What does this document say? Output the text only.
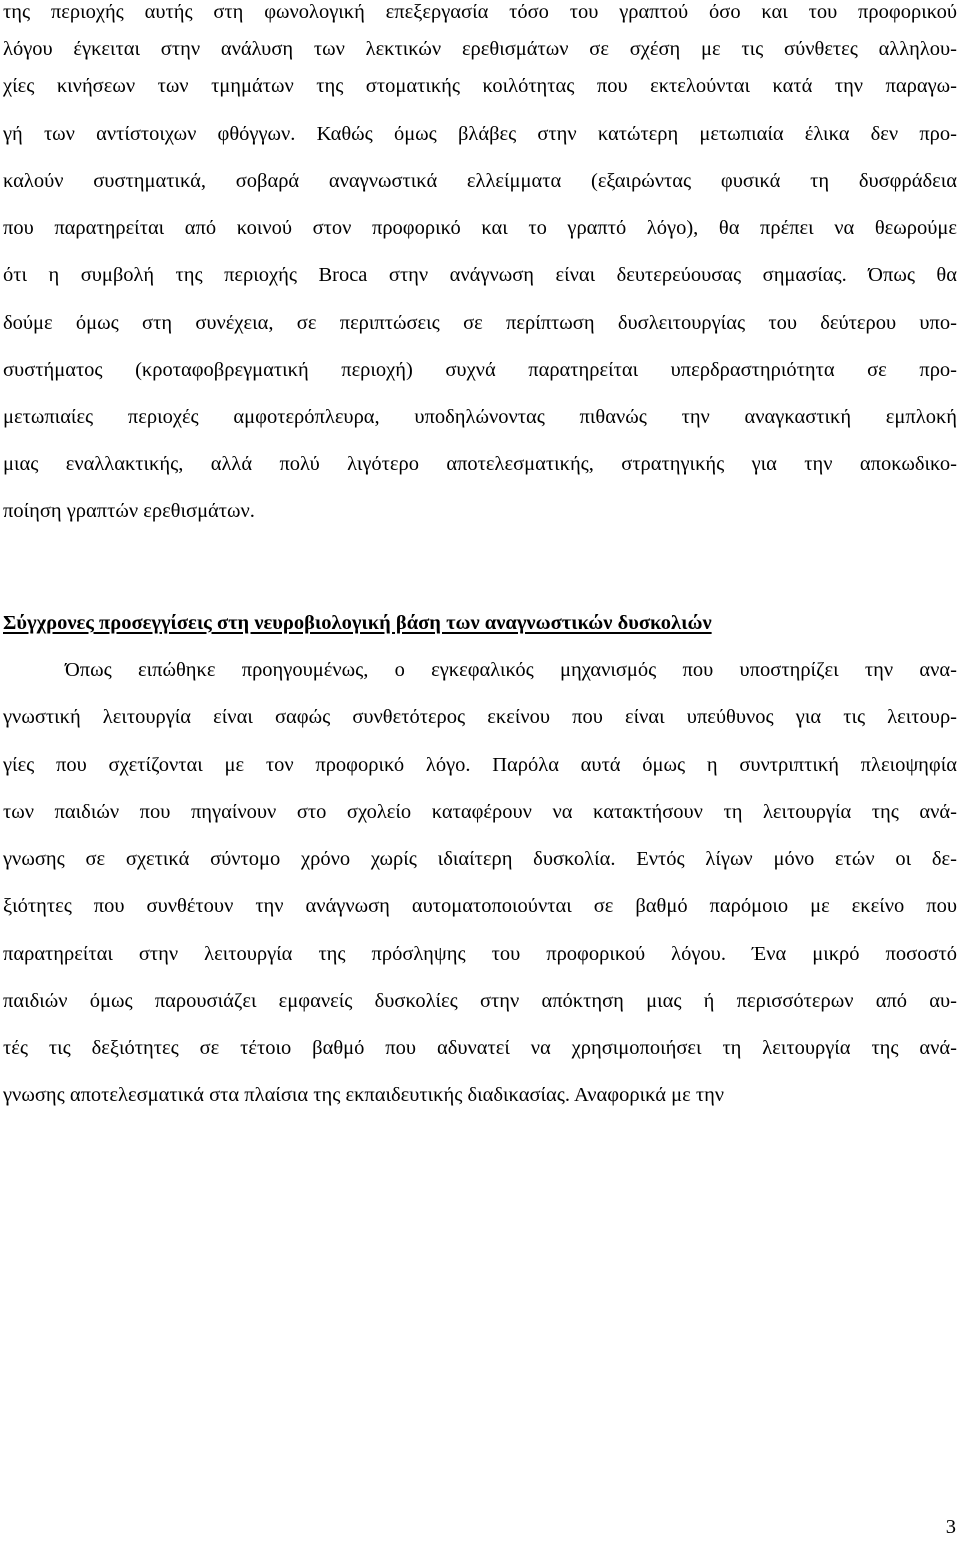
της περιοχής αυτής στη φωνολογική επεξεργασία τόσο του γραπτού όσο και του προφορικού
λόγου έγκειται στην ανάλυση των λεκτικών ερεθισμάτων σε σχέση με τις σύνθετες αλληλου-
χίες κινήσεων των τμημάτων της στοματικής κοιλότητας που εκτελούνται κατά την παραγω-
γή των αντίστοιχων φθόγγων. Καθώς όμως βλάβες στην κατώτερη μετωπιαία έλικα δεν προ-
καλούν συστηματικά, σοβαρά αναγνωστικά ελλείμματα (εξαιρώντας φυσικά τη δυσφράδεια
που παρατηρείται από κοινού στον προφορικό και το γραπτό λόγο), θα πρέπει να θεωρούμε
ότι η συμβολή της περιοχής Broca στην ανάγνωση είναι δευτερεύουσας σημασίας. Όπως θα
δούμε όμως στη συνέχεια, σε περιπτώσεις σε περίπτωση δυσλειτουργίας του δεύτερου υπο-
συστήματος (κροταφοβρεγματική περιοχή) συχνά παρατηρείται υπερδραστηριότητα σε προ-
μετωπιαίες περιοχές αμφοτερόπλευρα, υποδηλώνοντας πιθανώς την αναγκαστική εμπλοκή
μιας εναλλακτικής, αλλά πολύ λιγότερο αποτελεσματικής, στρατηγικής για την αποκωδικο-
ποίηση γραπτών ερεθισμάτων.
Σύγχρονες προσεγγίσεις στη νευροβιολογική βάση των αναγνωστικών δυσκολιών
Όπως ειπώθηκε προηγουμένως, ο εγκεφαλικός μηχανισμός που υποστηρίζει την ανα-
γνωστική λειτουργία είναι σαφώς συνθετότερος εκείνου που είναι υπεύθυνος για τις λειτουρ-
γίες που σχετίζονται με τον προφορικό λόγο. Παρόλα αυτά όμως η συντριπτική πλειοψηφία
των παιδιών που πηγαίνουν στο σχολείο καταφέρουν να κατακτήσουν τη λειτουργία της ανά-
γνωσης σε σχετικά σύντομο χρόνο χωρίς ιδιαίτερη δυσκολία. Εντός λίγων μόνο ετών οι δε-
ξιότητες που συνθέτουν την ανάγνωση αυτοματοποιούνται σε βαθμό παρόμοιο με εκείνο που
παρατηρείται στην λειτουργία της πρόσληψης του προφορικού λόγου. Ένα μικρό ποσοστό
παιδιών όμως παρουσιάζει εμφανείς δυσκολίες στην απόκτηση μιας ή περισσότερων από αυ-
τές τις δεξιότητες σε τέτοιο βαθμό που αδυνατεί να χρησιμοποιήσει τη λειτουργία της ανά-
γνωσης αποτελεσματικά στα πλαίσια της εκπαιδευτικής διαδικασίας. Αναφορικά με την
3
